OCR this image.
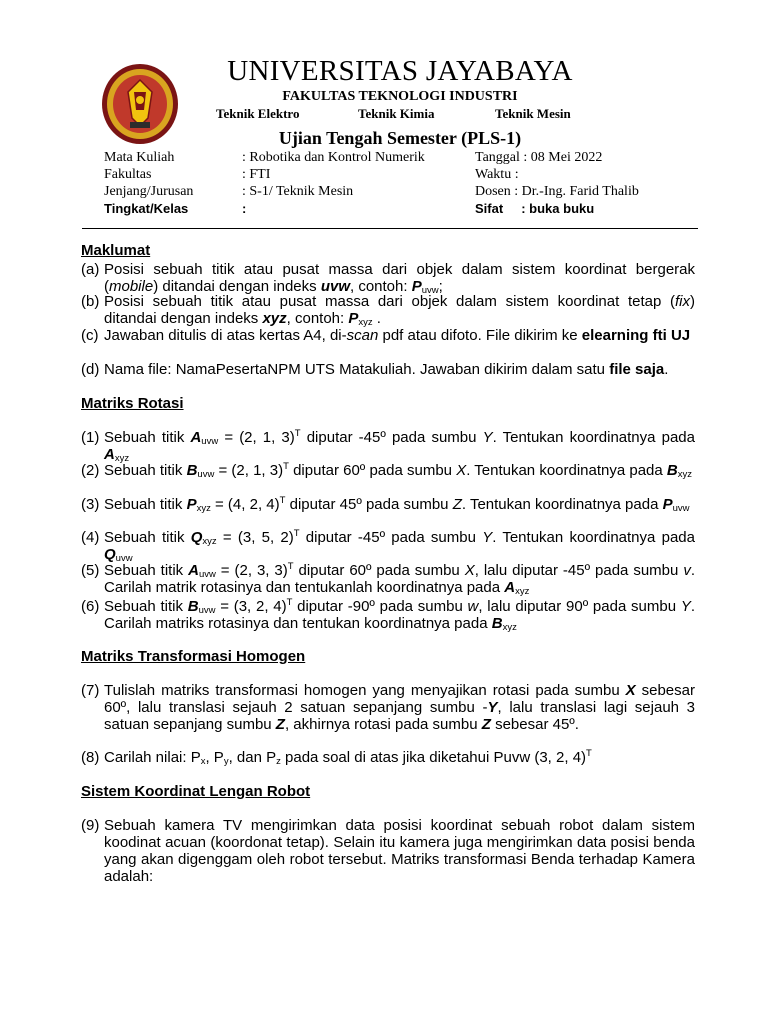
UNIVERSITAS JAYABAYA
FAKULTAS TEKNOLOGI INDUSTRI
Teknik Elektro	Teknik Kimia	Teknik Mesin
Ujian Tengah Semester (PLS-1)
Mata Kuliah
Fakultas
Jenjang/Jurusan
Tingkat/Kelas
: Robotika dan Kontrol Numerik
: FTI
: S-1/ Teknik Mesin
:
Tanggal : 08 Mei 2022
Waktu :
Dosen : Dr.-Ing. Farid Thalib
Sifat : buka buku
Maklumat
(a) Posisi sebuah titik atau pusat massa dari objek dalam sistem koordinat bergerak (mobile) ditandai dengan indeks uvw, contoh: $P_{uvw}$;
(b) Posisi sebuah titik atau pusat massa dari objek dalam sistem koordinat tetap (fix) ditandai dengan indeks xyz, contoh: $P_{xyz}$ .
(c) Jawaban ditulis di atas kertas A4, di-scan pdf atau difoto. File dikirim ke elearning fti UJ
(d) Nama file: NamaPesertaNPM UTS Matakuliah. Jawaban dikirim dalam satu file saja.
Matriks Rotasi
(1) Sebuah titik $A_{uvw} = (2$, 1, 3)$^T$ diputar -45º pada sumbu Y. Tentukan koordinatnya pada $A_{xyz}$
(2) Sebuah titik $B_{uvw} = (2$, 1, 3)$^T$ diputar 60º pada sumbu X. Tentukan koordinatnya pada $B_{xyz}$
(3) Sebuah titik $P_{xyz} = (4$, 2, 4)$^T$ diputar 45º pada sumbu Z. Tentukan koordinatnya pada $P_{uvw}$
(4) Sebuah titik $Q_{xyz} = (3$, 5, 2)$^T$ diputar -45º pada sumbu Y. Tentukan koordinatnya pada $Q_{uvw}$
(5) Sebuah titik $A_{uvw} = (2$, 3, 3)$^T$ diputar 60º pada sumbu X, lalu diputar -45º pada sumbu v. Carilah matrik rotasinya dan tentukanlah koordinatnya pada $A_{xyz}$
(6) Sebuah titik $B_{uvw} = (3$, 2, 4)$^T$ diputar -90º pada sumbu w, lalu diputar 90º pada sumbu Y. Carilah matriks rotasinya dan tentukan koordinatnya pada $B_{xyz}$
Matriks Transformasi Homogen
(7) Tulislah matriks transformasi homogen yang menyajikan rotasi pada sumbu X sebesar 60º, lalu translasi sejauh 2 satuan sepanjang sumbu -Y, lalu translasi lagi sejauh 3 satuan sepanjang sumbu Z, akhirnya rotasi pada sumbu Z sebesar 45º.
(8) Carilah nilai: $P_x$, $P_y$, dan $P_z$ pada soal di atas jika diketahui Puvw (3, 2, 4)$^T$
Sistem Koordinat Lengan Robot
(9) Sebuah kamera TV mengirimkan data posisi koordinat sebuah robot dalam sistem koodinat acuan (koordonat tetap). Selain itu kamera juga mengirimkan data posisi benda yang akan digenggam oleh robot tersebut. Matriks transformasi Benda terhadap Kamera adalah:
